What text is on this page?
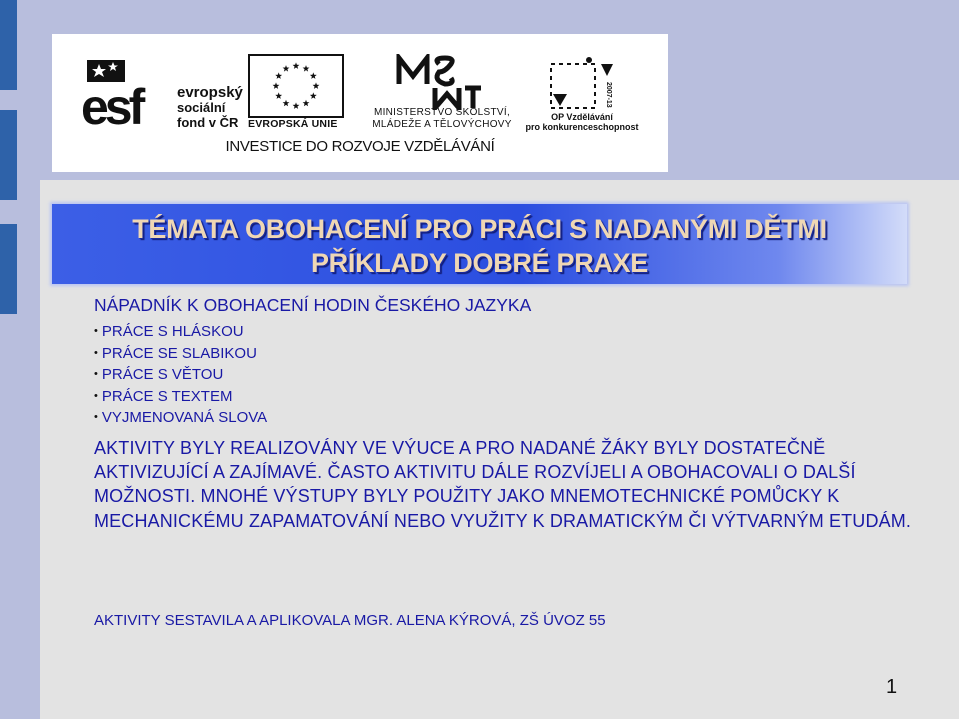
esf evropský
sociální
fond v ČR EVROPSKÁ UNIE
MINISTERSTVO ŠKOLSTVÍ,
MLÁDEŽE A TĚLOVÝCHOVY
2007-13
OP Vzdělávání
pro konkurenceschopnost
INVESTICE DO ROZVOJE VZDĚLÁVÁNÍ
TÉMATA OBOHACENÍ PRO PRÁCI S NADANÝMI DĚTMI
PŘÍKLADY DOBRÉ PRAXE
NÁPADNÍK K OBOHACENÍ HODIN ČESKÉHO JAZYKA
• PRÁCE S HLÁSKOU
• PRÁCE SE SLABIKOU
• PRÁCE S VĚTOU
• PRÁCE S TEXTEM
• VYJMENOVANÁ SLOVA

AKTIVITY BYLY REALIZOVÁNY VE VÝUCE A PRO NADANÉ ŽÁKY BYLY DOSTATEČNĚ AKTIVIZUJÍCÍ A ZAJÍMAVÉ. ČASTO AKTIVITU DÁLE ROZVÍJELI A OBOHACOVALI O DALŠÍ MOŽNOSTI. MNOHÉ VÝSTUPY BYLY POUŽITY JAKO MNEMOTECHNICKÉ POMŮCKY K MECHANICKÉMU ZAPAMATOVÁNÍ NEBO VYUŽITY K DRAMATICKÝM ČI VÝTVARNÝM ETUDÁM.

AKTIVITY SESTAVILA A APLIKOVALA MGR. ALENA KÝROVÁ, ZŠ ÚVOZ 55
1
